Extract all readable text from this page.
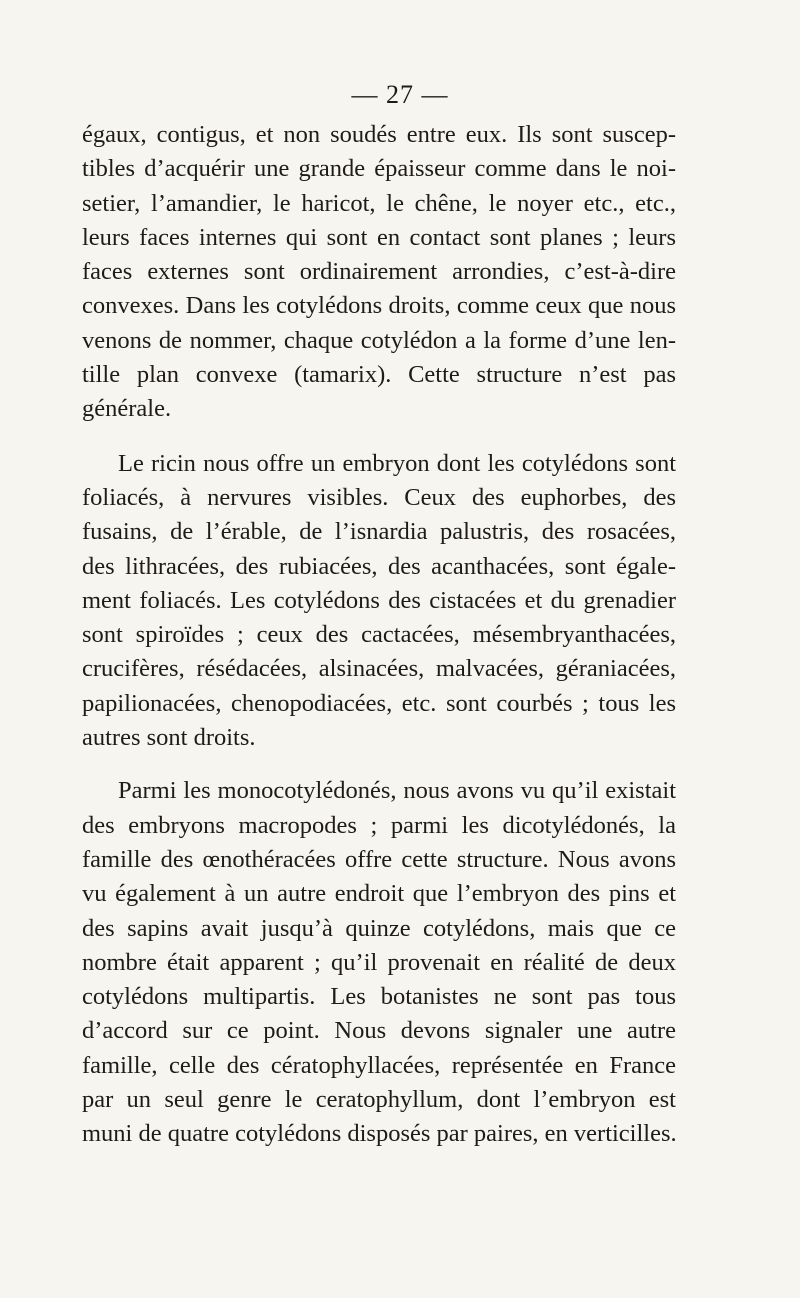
— 27 —

égaux, contigus, et non soudés entre eux. Ils sont suscep-
tibles d’acquérir une grande épaisseur comme dans le noi-
setier, l’amandier, le haricot, le chêne, le noyer etc., etc.,
leurs faces internes qui sont en contact sont planes ; leurs
faces externes sont ordinairement arrondies, c’est-à-dire
convexes. Dans les cotylédons droits, comme ceux que nous
venons de nommer, chaque cotylédon a la forme d’une len-
tille plan convexe (tamarix). Cette structure n’est pas
générale.

Le ricin nous offre un embryon dont les cotylédons sont
foliacés, à nervures visibles. Ceux des euphorbes, des
fusains, de l’érable, de l’isnardia palustris, des rosacées,
des lithracées, des rubiacées, des acanthacées, sont égale-
ment foliacés. Les cotylédons des cistacées et du grenadier
sont spiroïdes ; ceux des cactacées, mésembryanthacées,
crucifères, résédacées, alsinacées, malvacées, géraniacées,
papilionacées, chenopodiacées, etc. sont courbés ; tous les
autres sont droits.

Parmi les monocotylédonés, nous avons vu qu’il existait
des embryons macropodes ; parmi les dicotylédonés, la
famille des œnothéracées offre cette structure. Nous avons
vu également à un autre endroit que l’embryon des pins et
des sapins avait jusqu’à quinze cotylédons, mais que ce
nombre était apparent ; qu’il provenait en réalité de deux
cotylédons multipartis. Les botanistes ne sont pas tous
d’accord sur ce point. Nous devons signaler une autre
famille, celle des cératophyllacées, représentée en France
par un seul genre le ceratophyllum, dont l’embryon est
muni de quatre cotylédons disposés par paires, en verticilles.
